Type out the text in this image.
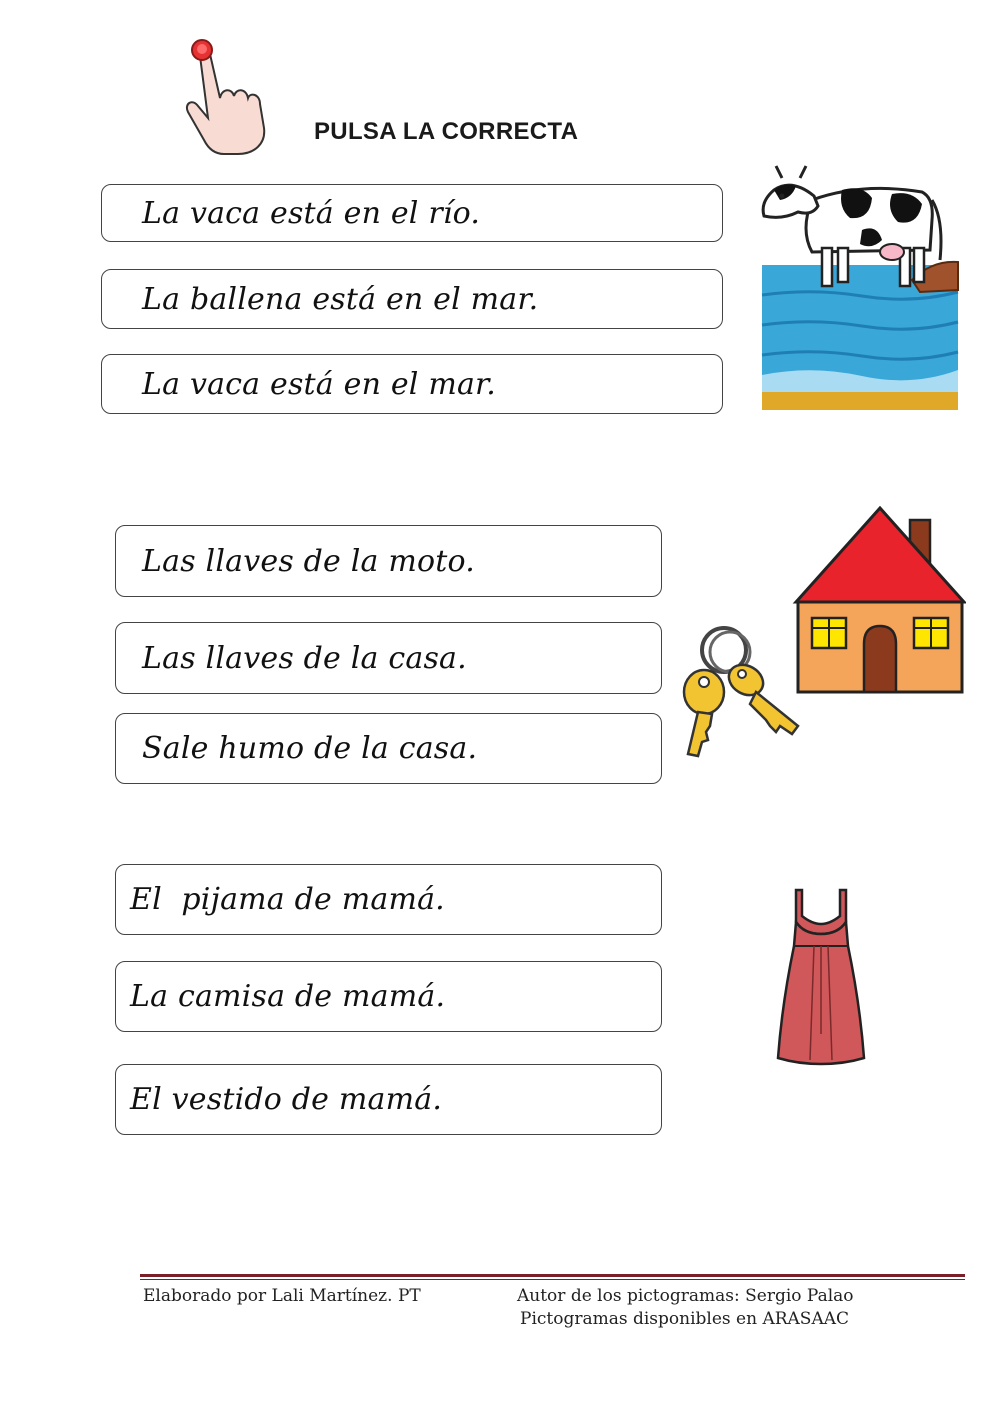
PULSA LA CORRECTA
La vaca está en el río.
La ballena está en el mar.
La vaca está en el mar.
Las llaves de la moto.
Las llaves de la casa.
Sale humo de la casa.
El  pijama de mamá.
La camisa de mamá.
El vestido de mamá.
Elaborado por Lali Martínez. PT	Autor de los pictogramas: Sergio Palao
Pictogramas disponibles en ARASAAC
